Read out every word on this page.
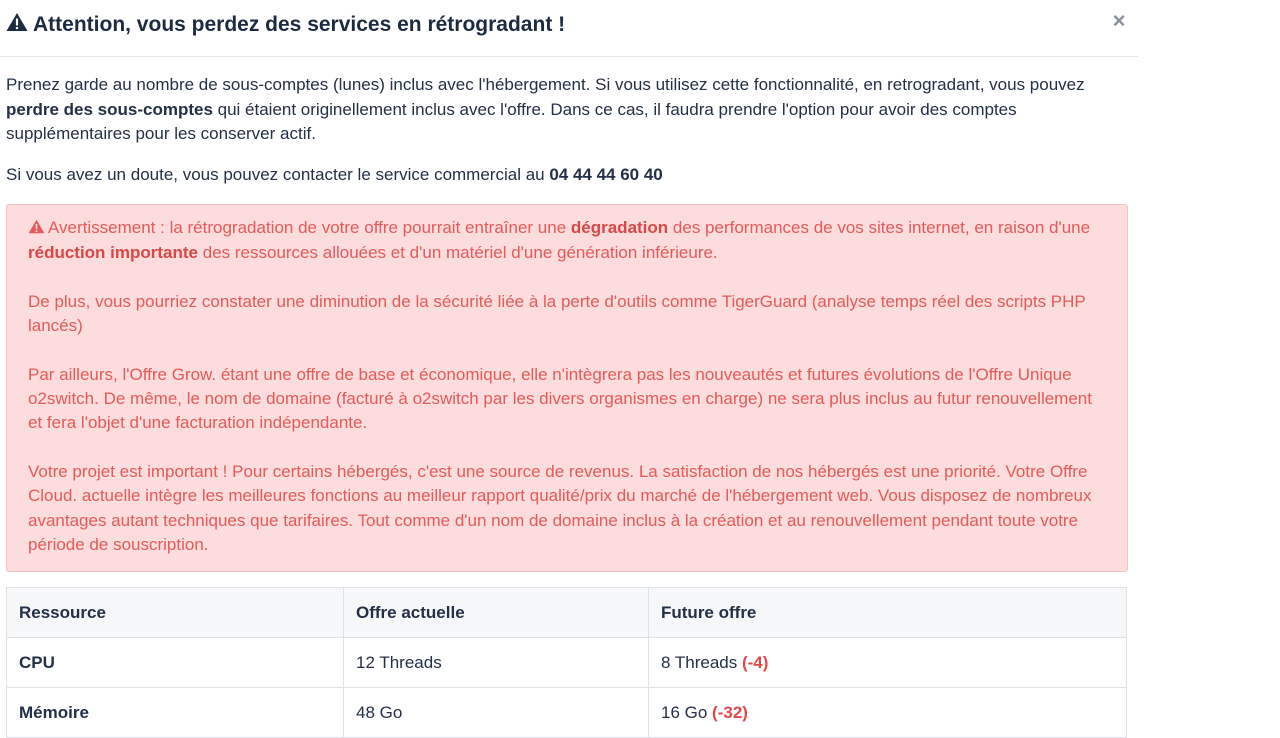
Attention, vous perdez des services en rétrogradant !	×

Prenez garde au nombre de sous-comptes (lunes) inclus avec l'hébergement. Si vous utilisez cette fonctionnalité, en retrogradant, vous pouvez perdre des sous-comptes qui étaient originellement inclus avec l'offre. Dans ce cas, il faudra prendre l'option pour avoir des comptes supplémentaires pour les conserver actif.

Si vous avez un doute, vous pouvez contacter le service commercial au 04 44 44 60 40

Avertissement : la rétrogradation de votre offre pourrait entraîner une dégradation des performances de vos sites internet, en raison d'une réduction importante des ressources allouées et d'un matériel d'une génération inférieure.

De plus, vous pourriez constater une diminution de la sécurité liée à la perte d'outils comme TigerGuard (analyse temps réel des scripts PHP lancés)

Par ailleurs, l'Offre Grow. étant une offre de base et économique, elle n'intègrera pas les nouveautés et futures évolutions de l'Offre Unique o2switch. De même, le nom de domaine (facturé à o2switch par les divers organismes en charge) ne sera plus inclus au futur renouvellement et fera l'objet d'une facturation indépendante.

Votre projet est important ! Pour certains hébergés, c'est une source de revenus. La satisfaction de nos hébergés est une priorité. Votre Offre Cloud. actuelle intègre les meilleures fonctions au meilleur rapport qualité/prix du marché de l'hébergement web. Vous disposez de nombreux avantages autant techniques que tarifaires. Tout comme d'un nom de domaine inclus à la création et au renouvellement pendant toute votre période de souscription.

Ressource	Offre actuelle	Future offre
CPU	12 Threads	8 Threads (-4)
Mémoire	48 Go	16 Go (-32)
